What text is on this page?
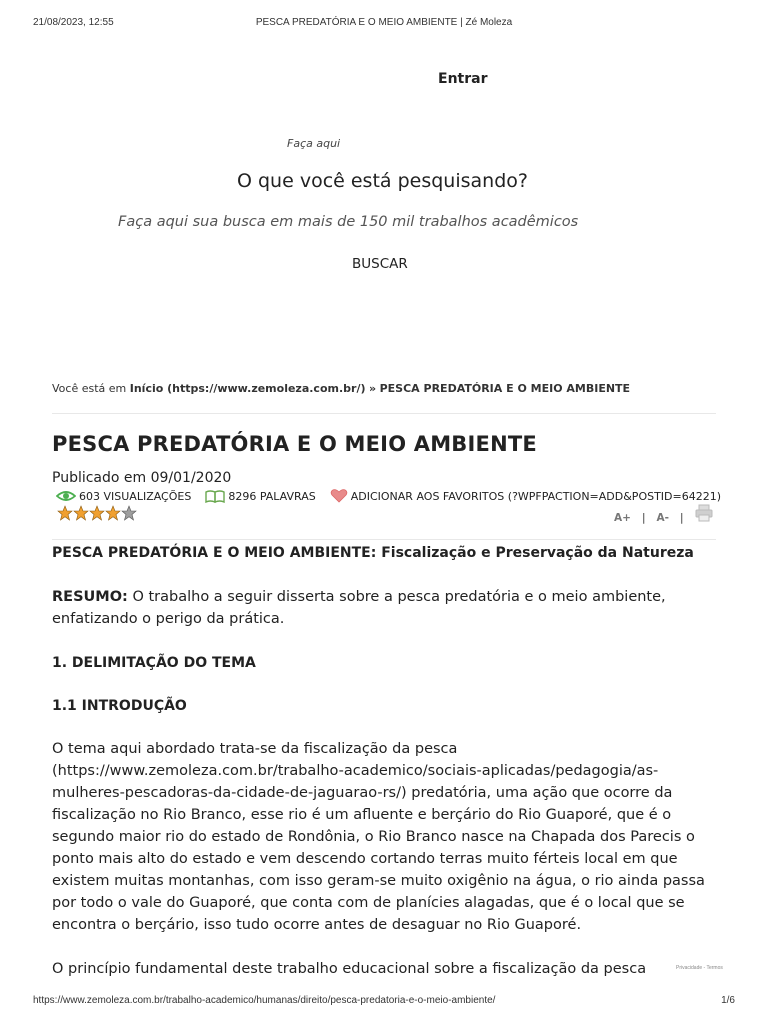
21/08/2023, 12:55	PESCA PREDATÓRIA E O MEIO AMBIENTE | Zé Moleza
Entrar
Faça aqui
O que você está pesquisando?
Faça aqui sua busca em mais de 150 mil trabalhos acadêmicos
BUSCAR
Você está em Início (https://www.zemoleza.com.br/) » PESCA PREDATÓRIA E O MEIO AMBIENTE
PESCA PREDATÓRIA E O MEIO AMBIENTE
Publicado em 09/01/2020
603 VISUALIZAÇÕES	8296 PALAVRAS	ADICIONAR AOS FAVORITOS (?WPFPACTION=ADD&POSTID=64221)
A+ | A- |
PESCA PREDATÓRIA E O MEIO AMBIENTE: Fiscalização e Preservação da Natureza

RESUMO: O trabalho a seguir disserta sobre a pesca predatória e o meio ambiente, enfatizando o perigo da prática.

1. DELIMITAÇÃO DO TEMA
1.1 INTRODUÇÃO

O tema aqui abordado trata-se da fiscalização da pesca (https://www.zemoleza.com.br/trabalho-academico/sociais-aplicadas/pedagogia/as-mulheres-pescadoras-da-cidade-de-jaguarao-rs/) predatória, uma ação que ocorre da fiscalização no Rio Branco, esse rio é um afluente e berçário do Rio Guaporé, que é o segundo maior rio do estado de Rondônia, o Rio Branco nasce na Chapada dos Parecis o ponto mais alto do estado e vem descendo cortando terras muito férteis local em que existem muitas montanhas, com isso geram-se muito oxigênio na água, o rio ainda passa por todo o vale do Guaporé, que conta com de planícies alagadas, que é o local que se encontra o berçário, isso tudo ocorre antes de desaguar no Rio Guaporé.

O princípio fundamental deste trabalho educacional sobre a fiscalização da pesca	Privacidade - Termos
https://www.zemoleza.com.br/trabalho-academico/humanas/direito/pesca-predatoria-e-o-meio-ambiente/	1/6
